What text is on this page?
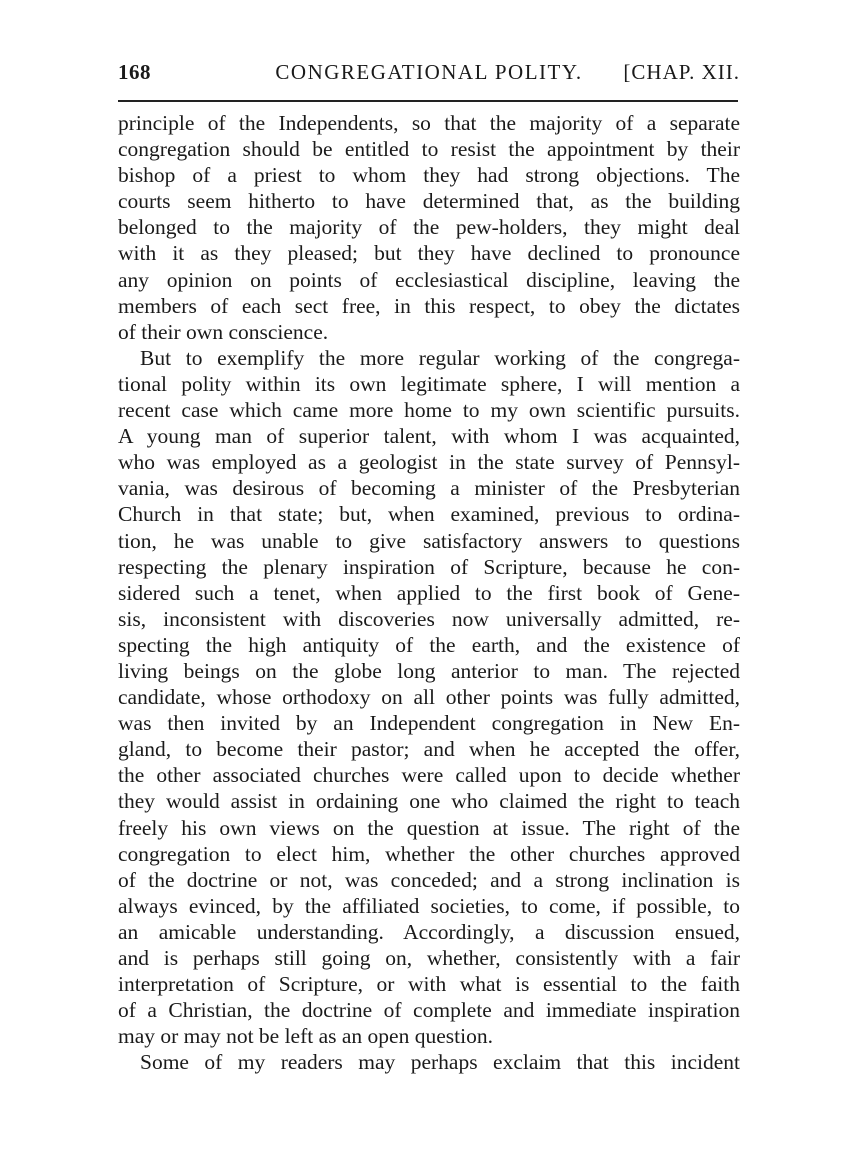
168	CONGREGATIONAL POLITY.	[CHAP. XII.
principle of the Independents, so that the majority of a separate
congregation should be entitled to resist the appointment by their
bishop of a priest to whom they had strong objections. The
courts seem hitherto to have determined that, as the building
belonged to the majority of the pew-holders, they might deal
with it as they pleased; but they have declined to pronounce
any opinion on points of ecclesiastical discipline, leaving the
members of each sect free, in this respect, to obey the dictates
of their own conscience.
But to exemplify the more regular working of the congrega-
tional polity within its own legitimate sphere, I will mention a
recent case which came more home to my own scientific pursuits.
A young man of superior talent, with whom I was acquainted,
who was employed as a geologist in the state survey of Pennsyl-
vania, was desirous of becoming a minister of the Presbyterian
Church in that state; but, when examined, previous to ordina-
tion, he was unable to give satisfactory answers to questions
respecting the plenary inspiration of Scripture, because he con-
sidered such a tenet, when applied to the first book of Gene-
sis, inconsistent with discoveries now universally admitted, re-
specting the high antiquity of the earth, and the existence of
living beings on the globe long anterior to man. The rejected
candidate, whose orthodoxy on all other points was fully admitted,
was then invited by an Independent congregation in New En-
gland, to become their pastor; and when he accepted the offer,
the other associated churches were called upon to decide whether
they would assist in ordaining one who claimed the right to teach
freely his own views on the question at issue. The right of the
congregation to elect him, whether the other churches approved
of the doctrine or not, was conceded; and a strong inclination is
always evinced, by the affiliated societies, to come, if possible, to
an amicable understanding. Accordingly, a discussion ensued,
and is perhaps still going on, whether, consistently with a fair
interpretation of Scripture, or with what is essential to the faith
of a Christian, the doctrine of complete and immediate inspiration
may or may not be left as an open question.
Some of my readers may perhaps exclaim that this incident
